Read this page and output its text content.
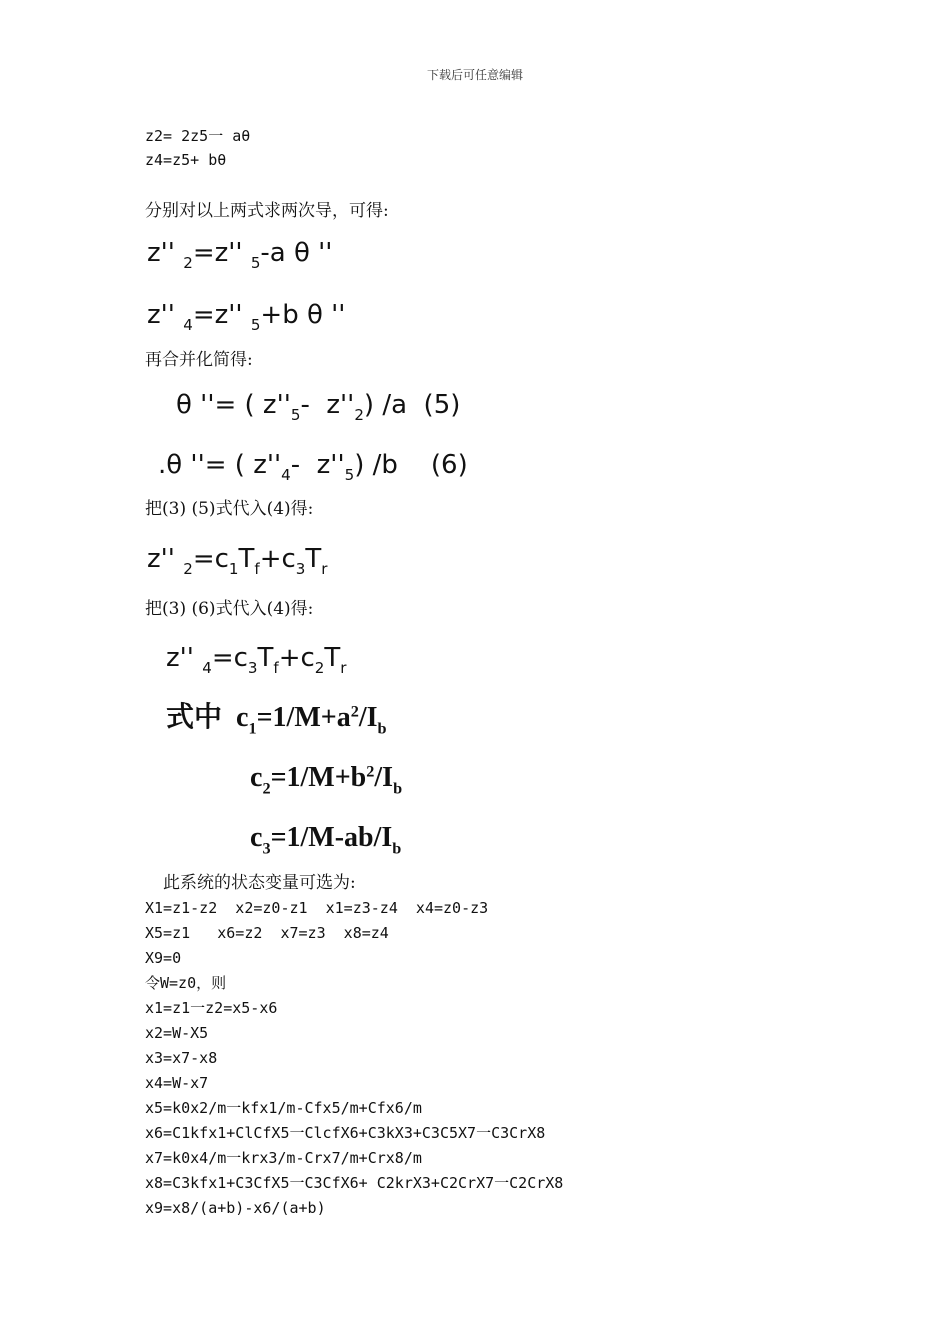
下载后可任意编辑
z2= 2z5一 aθ
z4=z5+ bθ
分别对以上两式求两次导，可得:
z'' $_2$=z'' $_5$-a θ ''
z'' $_4$=z'' $_5$+b θ ''
再合并化简得:
θ ''= ( $z''_5-$  $z''_2$) /a  (5)
.θ ''= ( $z''_4-$  $z''_5$) /b    (6)
把(3) (5)式代入(4)得:
z'' $_2=c_1T_f+c_3T_r$
把(3) (6)式代入(4)得:
z'' $_4=c_3T_f+c_2T_r$
式中 $c_1=1/M+a^2/I_b$
$c_2=1/M+b^2/I_b$
$c_3=1/M-ab/I_b$
此系统的状态变量可选为:
X1=z1-z2  x2=z0-z1  x1=z3-z4  x4=z0-z3
X5=z1   x6=z2  x7=z3  x8=z4
X9=0
令W=z0，则
x1=z1一z2=x5-x6
x2=W-X5
x3=x7-x8
x4=W-x7
x5=k0x2/m一kfx1/m-Cfx5/m+Cfx6/m
x6=C1kfx1+ClCfX5一ClcfX6+C3kX3+C3C5X7一C3CrX8
x7=k0x4/m一krx3/m-Crx7/m+Crx8/m
x8=C3kfx1+C3CfX5一C3CfX6+ C2krX3+C2CrX7一C2CrX8
x9=x8/(a+b)-x6/(a+b)
